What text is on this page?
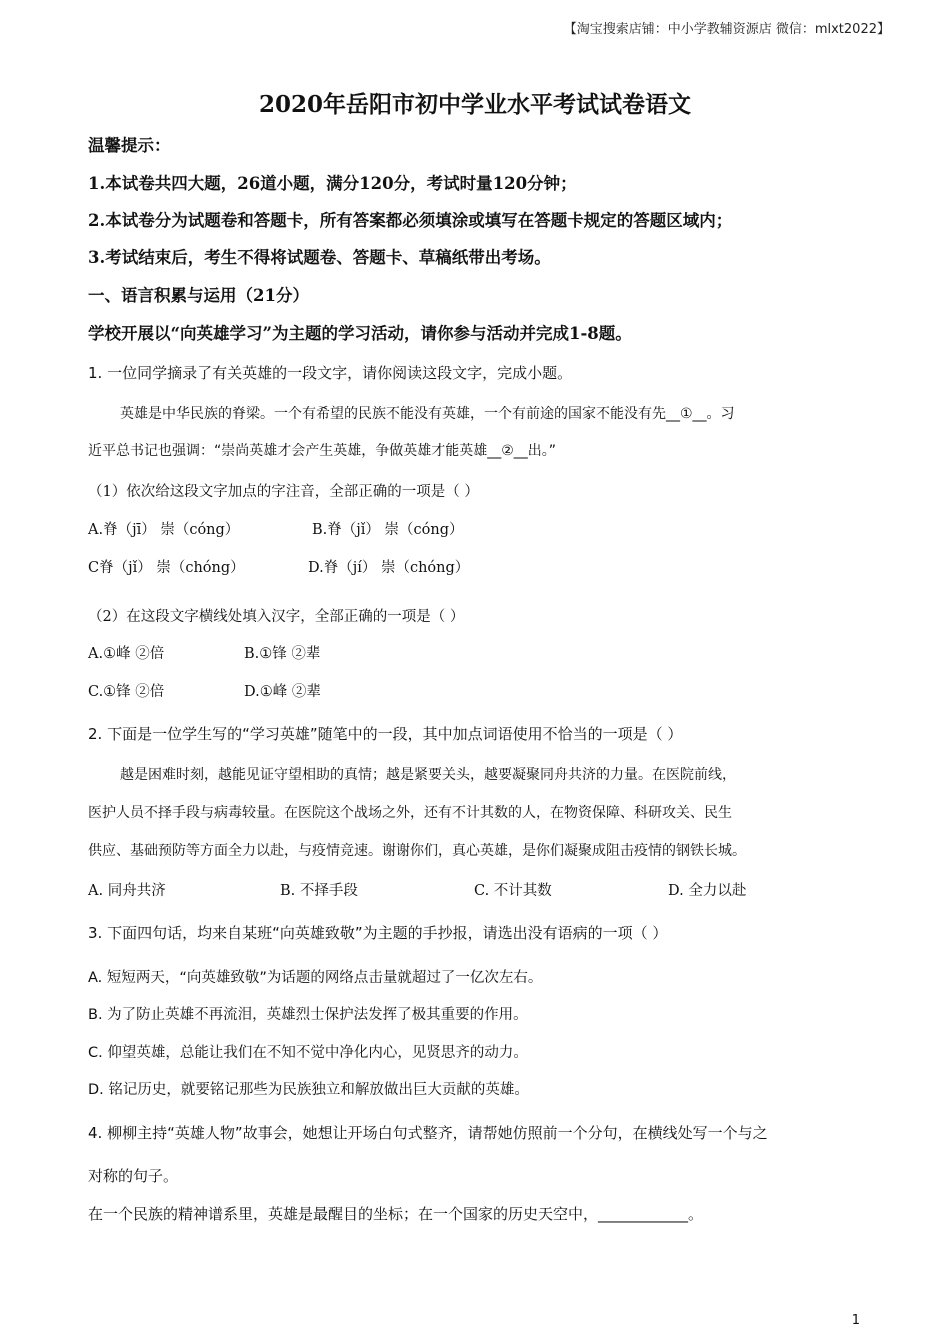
【淘宝搜索店铺：中小学教辅资源店 微信：mlxt2022】
2020年岳阳市初中学业水平考试试卷语文
温馨提示：
1.本试卷共四大题，26道小题，满分120分，考试时量120分钟；
2.本试卷分为试题卷和答题卡，所有答案都必须填涂或填写在答题卡规定的答题区域内；
3.考试结束后，考生不得将试题卷、答题卡、草稿纸带出考场。
一、语言积累与运用（21分）
学校开展以“向英雄学习”为主题的学习活动，请你参与活动并完成1-8题。
1. 一位同学摘录了有关英雄的一段文字，请你阅读这段文字，完成小题。
英雄是中华民族的脊梁。一个有希望的民族不能没有英雄，一个有前途的国家不能没有先__①__。习
近平总书记也强调：“崇尚英雄才会产生英雄，争做英雄才能英雄__②__出。”
（1）依次给这段文字加点的字注音，全部正确的一项是（ ）
A.脊（jī） 崇（cóng）	B.脊（jǐ） 崇（cóng）
C脊（jǐ） 崇（chóng）	D.脊（jí） 崇（chóng）
（2）在这段文字横线处填入汉字，全部正确的一项是（ ）
A.①峰 ②倍	B.①锋 ②辈
C.①锋 ②倍	D.①峰 ②辈
2. 下面是一位学生写的“学习英雄”随笔中的一段，其中加点词语使用不恰当的一项是（ ）
越是困难时刻，越能见证守望相助的真情；越是紧要关头，越要凝聚同舟共济的力量。在医院前线，
医护人员不择手段与病毒较量。在医院这个战场之外，还有不计其数的人，在物资保障、科研攻关、民生
供应、基础预防等方面全力以赴，与疫情竞速。谢谢你们，真心英雄，是你们凝聚成阻击疫情的钢铁长城。
A. 同舟共济	B. 不择手段	C. 不计其数	D. 全力以赴
3. 下面四句话，均来自某班“向英雄致敬”为主题的手抄报，请选出没有语病的一项（ ）
A. 短短两天，“向英雄致敬”为话题的网络点击量就超过了一亿次左右。
B. 为了防止英雄不再流泪，英雄烈士保护法发挥了极其重要的作用。
C. 仰望英雄，总能让我们在不知不觉中净化内心，见贤思齐的动力。
D. 铭记历史，就要铭记那些为民族独立和解放做出巨大贡献的英雄。
4. 柳柳主持“英雄人物”故事会，她想让开场白句式整齐，请帮她仿照前一个分句，在横线处写一个与之
对称的句子。
在一个民族的精神谱系里，英雄是最醒目的坐标；在一个国家的历史天空中，____________。
1
